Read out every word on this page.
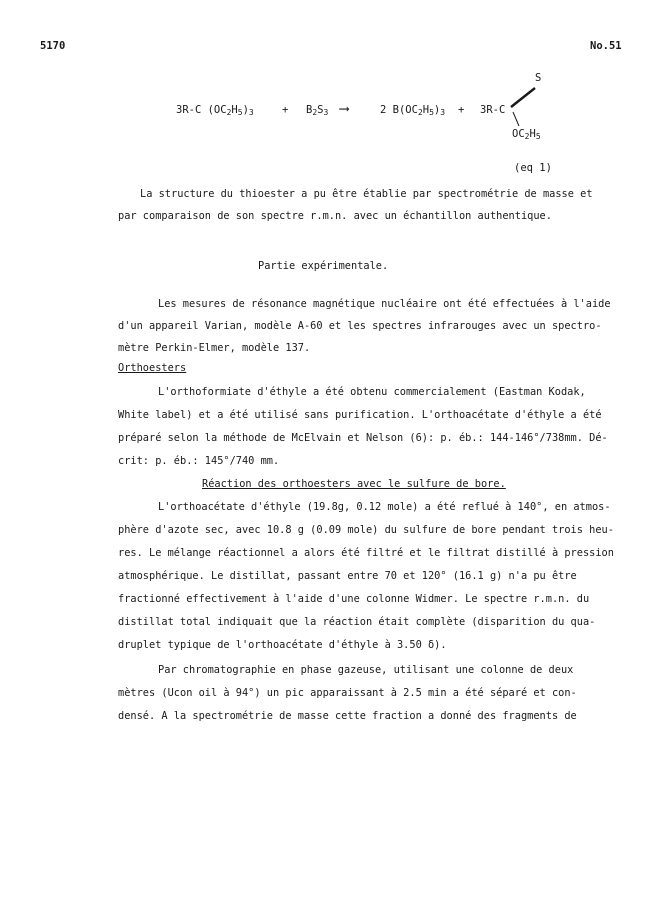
5170	No.51
3R-C $(OC_2H_5)_3$	+ $B_2S_3$ ⟶	2 $B(OC_2H_5)_3 + 3R-C$
S
$OC_2H_5$
(eq 1)
La structure du thioester a pu être établie par spectrométrie de masse et
par comparaison de son spectre r.m.n. avec un échantillon authentique.
Partie expérimentale.
Les mesures de résonance magnétique nucléaire ont été effectuées à l'aide
d'un appareil Varian, modèle A-60 et les spectres infrarouges avec un spectro-
mètre Perkin-Elmer, modèle 137.
Orthoesters
L'orthoformiate d'éthyle a été obtenu commercialement (Eastman Kodak,
White label) et a été utilisé sans purification. L'orthoacétate d'éthyle a été
préparé selon la méthode de McElvain et Nelson (6): p. éb.: 144-146°/738mm. Dé-
crit: p. éb.: 145°/740 mm.
Réaction des orthoesters avec le sulfure de bore.
L'orthoacétate d'éthyle (19.8g, 0.12 mole) a été reflué à 140°, en atmos-
phère d'azote sec, avec 10.8 g (0.09 mole) du sulfure de bore pendant trois heu-
res. Le mélange réactionnel a alors été filtré et le filtrat distillé à pression
atmosphérique. Le distillat, passant entre 70 et 120° (16.1 g) n'a pu être
fractionné effectivement à l'aide d'une colonne Widmer. Le spectre r.m.n. du
distillat total indiquait que la réaction était complète (disparition du qua-
druplet typique de l'orthoacétate d'éthyle à 3.50 δ).
Par chromatographie en phase gazeuse, utilisant une colonne de deux
mètres (Ucon oil à 94°) un pic apparaissant à 2.5 min a été séparé et con-
densé. A la spectrométrie de masse cette fraction a donné des fragments de
